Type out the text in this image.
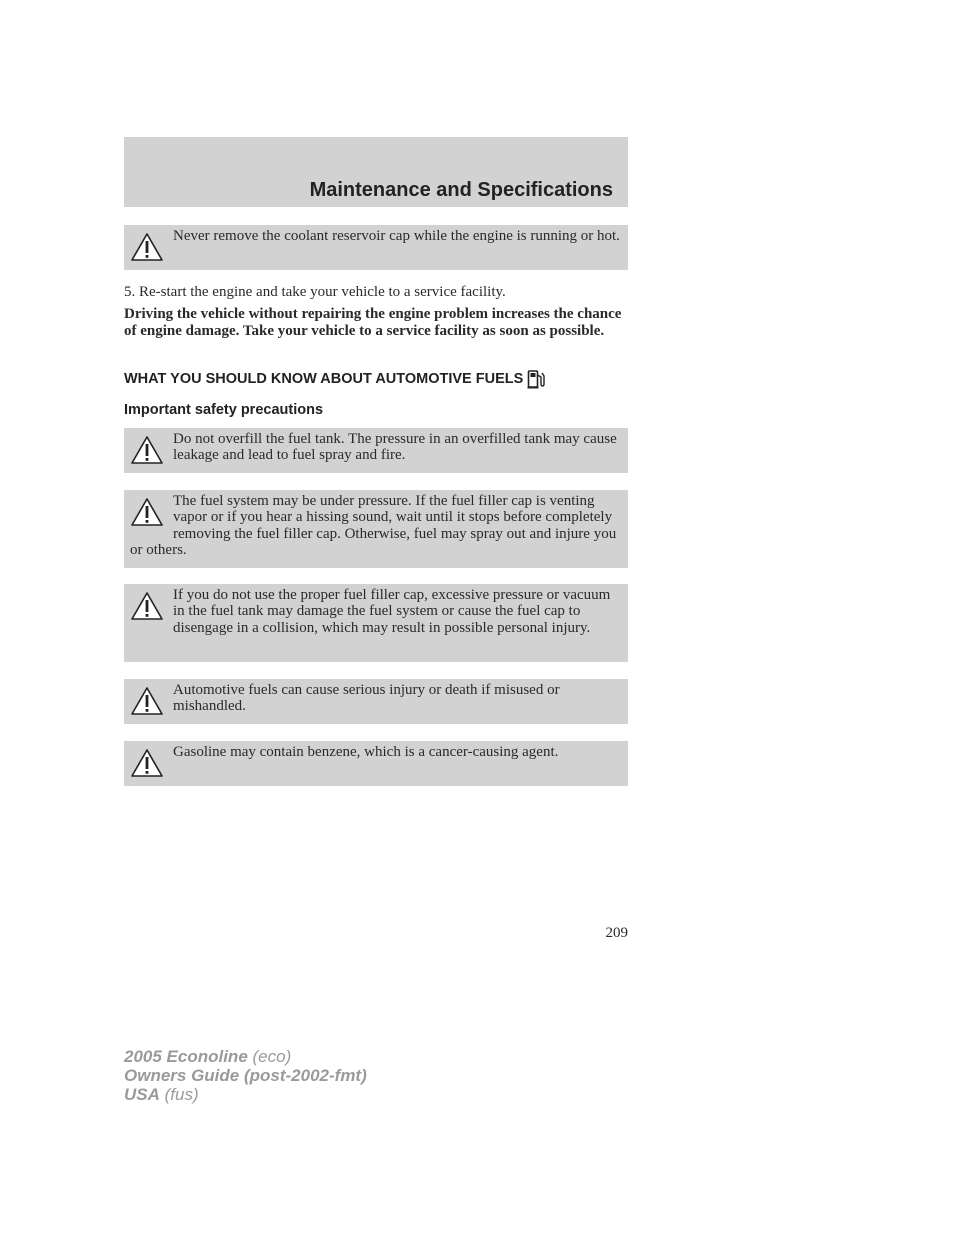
Maintenance and Specifications
Never remove the coolant reservoir cap while the engine is running or hot.
5. Re-start the engine and take your vehicle to a service facility.
Driving the vehicle without repairing the engine problem increases the chance of engine damage. Take your vehicle to a service facility as soon as possible.
WHAT YOU SHOULD KNOW ABOUT AUTOMOTIVE FUELS
Important safety precautions
Do not overfill the fuel tank. The pressure in an overfilled tank may cause leakage and lead to fuel spray and fire.
The fuel system may be under pressure. If the fuel filler cap is venting vapor or if you hear a hissing sound, wait until it stops before completely removing the fuel filler cap. Otherwise, fuel may spray out and injure you or others.
If you do not use the proper fuel filler cap, excessive pressure or vacuum in the fuel tank may damage the fuel system or cause the fuel cap to disengage in a collision, which may result in possible personal injury.
Automotive fuels can cause serious injury or death if misused or mishandled.
Gasoline may contain benzene, which is a cancer-causing agent.
209
2005 Econoline (eco)
Owners Guide (post-2002-fmt)
USA (fus)
